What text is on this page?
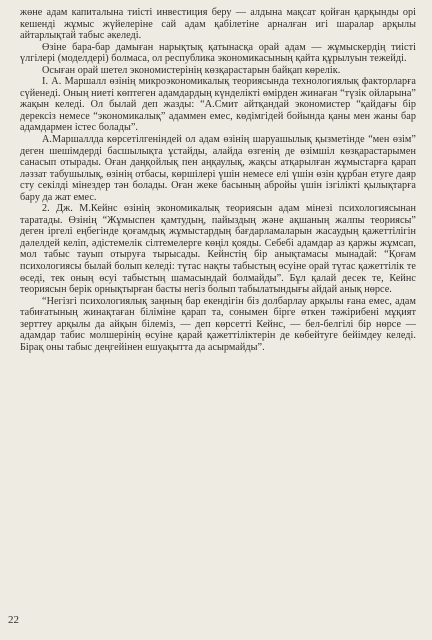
жөне адам капиталына тиісті инвестиция беру — алдына мақсат қойған қарқынды орі кешенді жұмыс жүйелеріне сай адам қабілетіне арналған игі шаралар арқылы айтарлықтай табыс әкеледі.

Өзіне бара-бар дамыған нарықтық қатынасқа орай адам — жұмыскердің тиісті үлгілері (моделдері) болмаса, ол республика экономикасының қайта құрылуын тежейді.

Осыған орай шетел экономистерінің көзқарастарын байқап көрелік.

І. А. Маршалл өзінің микроэкономикалық теориясында технологиялық факторларға сүйенеді. Оның ниеті көптеген адамдардың күнделікті өмірден жинаған “түзік ойларына” жақын келеді. Ол былай деп жазды: “А.Смит айтқандай экономистер “қайдағы бір дерексіз немесе “экономикалық” адаммен емес, көдімгідей бойында қаны мен жаны бар адамдармен істес болады”.

А.Маршаллда көрсетілгеніндей ол адам өзінің шаруашылық қызметінде “мен өзім” деген шешімдерді басшылықта ұстайды, алайда өзгенің де өзімшіл көзқарастарымен санасып отырады. Оған даңқойлық пен аңқаулық, жақсы атқарылған жұмыстарға қарап ләззат табушылық, өзінің отбасы, көршілері үшін немесе елі үшін өзін құрбан етуге даяр сту секілді мінездер тән болады. Оған жеке басының абройы үшін ізгілікті қылықтарға бару да жат емес.

2. Дж. М.Кейнс өзінің экономикалық теориясын адам мінезі психологиясынан таратады. Өзінің “Жұмыспен қамтудың, пайыздың және ақшаның жалпы теориясы” деген іргелі еңбегінде қоғамдық жұмыстардың бағдарламаларын жасаудың қажеттілігін дәлелдей келіп, әдістемелік сілтемелерге көңіл қояды. Себебі адамдар аз қаржы жұмсап, мол табыс тауып отыруға тырысады. Кейнстің бір анықтамасы мынадай: “Қоғам психологиясы былай болып келеді: түтас нақты табыстың өсуіне орай түтас қажеттілік те өседі, тек оның өсуі табыстың шамасындай болмайды”. Бұл қалай десек те, Кейнс теориясын берік орнықтырған басты негіз болып табылатындығы айдай анық нөрсе.

“Негізгі психологиялық заңның бар екендігін біз долбарлау арқылы ғана емес, адам табиғатының жинақтаған біліміне қарап та, сонымен бірге өткен тәжірибені мұқият зерттеу арқылы да айқын білеміз, — деп көрсетті Кейнс, — бел-белгілі бір нөрсе — адамдар табис молшерінің өсуіне қарай қажеттіліктерін де көбейтуге бейімдеу келеді. Бірақ оны табыс деңгейінен ешуақытта да асырмайды”.

22
